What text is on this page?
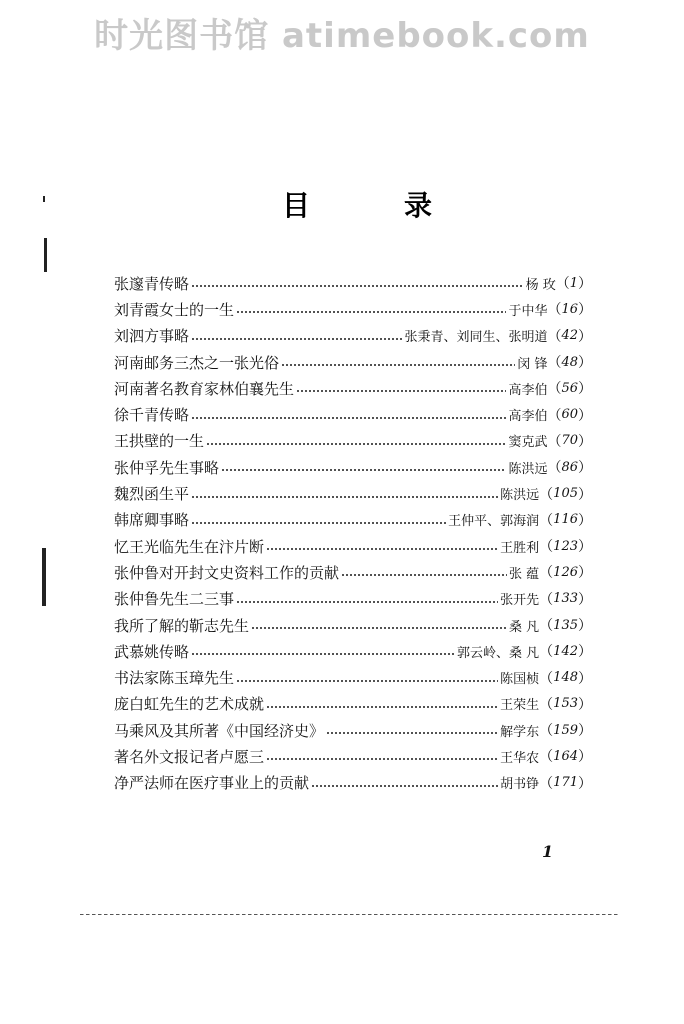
时光图书馆 atimebook.com
目	录
张邃青传略	杨 玫 （ 1 ）
刘青霞女士的一生	于中华 （ 16 ）
刘泗方事略	张秉青、刘同生、张明道 （ 42 ）
河南邮务三杰之一张光俗	闵 锋 （ 48 ）
河南著名教育家林伯襄先生	高李伯 （ 56 ）
徐千青传略	高李伯 （ 60 ）
王拱壁的一生	窦克武 （ 70 ）
张仲孚先生事略	陈洪远 （ 86 ）
魏烈函生平	陈洪远 （ 105 ）
韩席卿事略	王仲平、郭海润 （ 116 ）
忆王光临先生在汴片断	王胜利 （ 123 ）
张仲鲁对开封文史资料工作的贡献	张 蕴 （ 126 ）
张仲鲁先生二三事	张开先 （ 133 ）
我所了解的靳志先生	桑 凡 （ 135 ）
武慕姚传略	郭云岭、桑 凡 （ 142 ）
书法家陈玉璋先生	陈国桢 （ 148 ）
庞白虹先生的艺术成就	王荣生 （ 153 ）
马乘风及其所著《中国经济史》	解学东 （ 159 ）
著名外文报记者卢愿三	王华农 （ 164 ）
净严法师在医疗事业上的贡献	胡书铮 （ 171 ）
1
